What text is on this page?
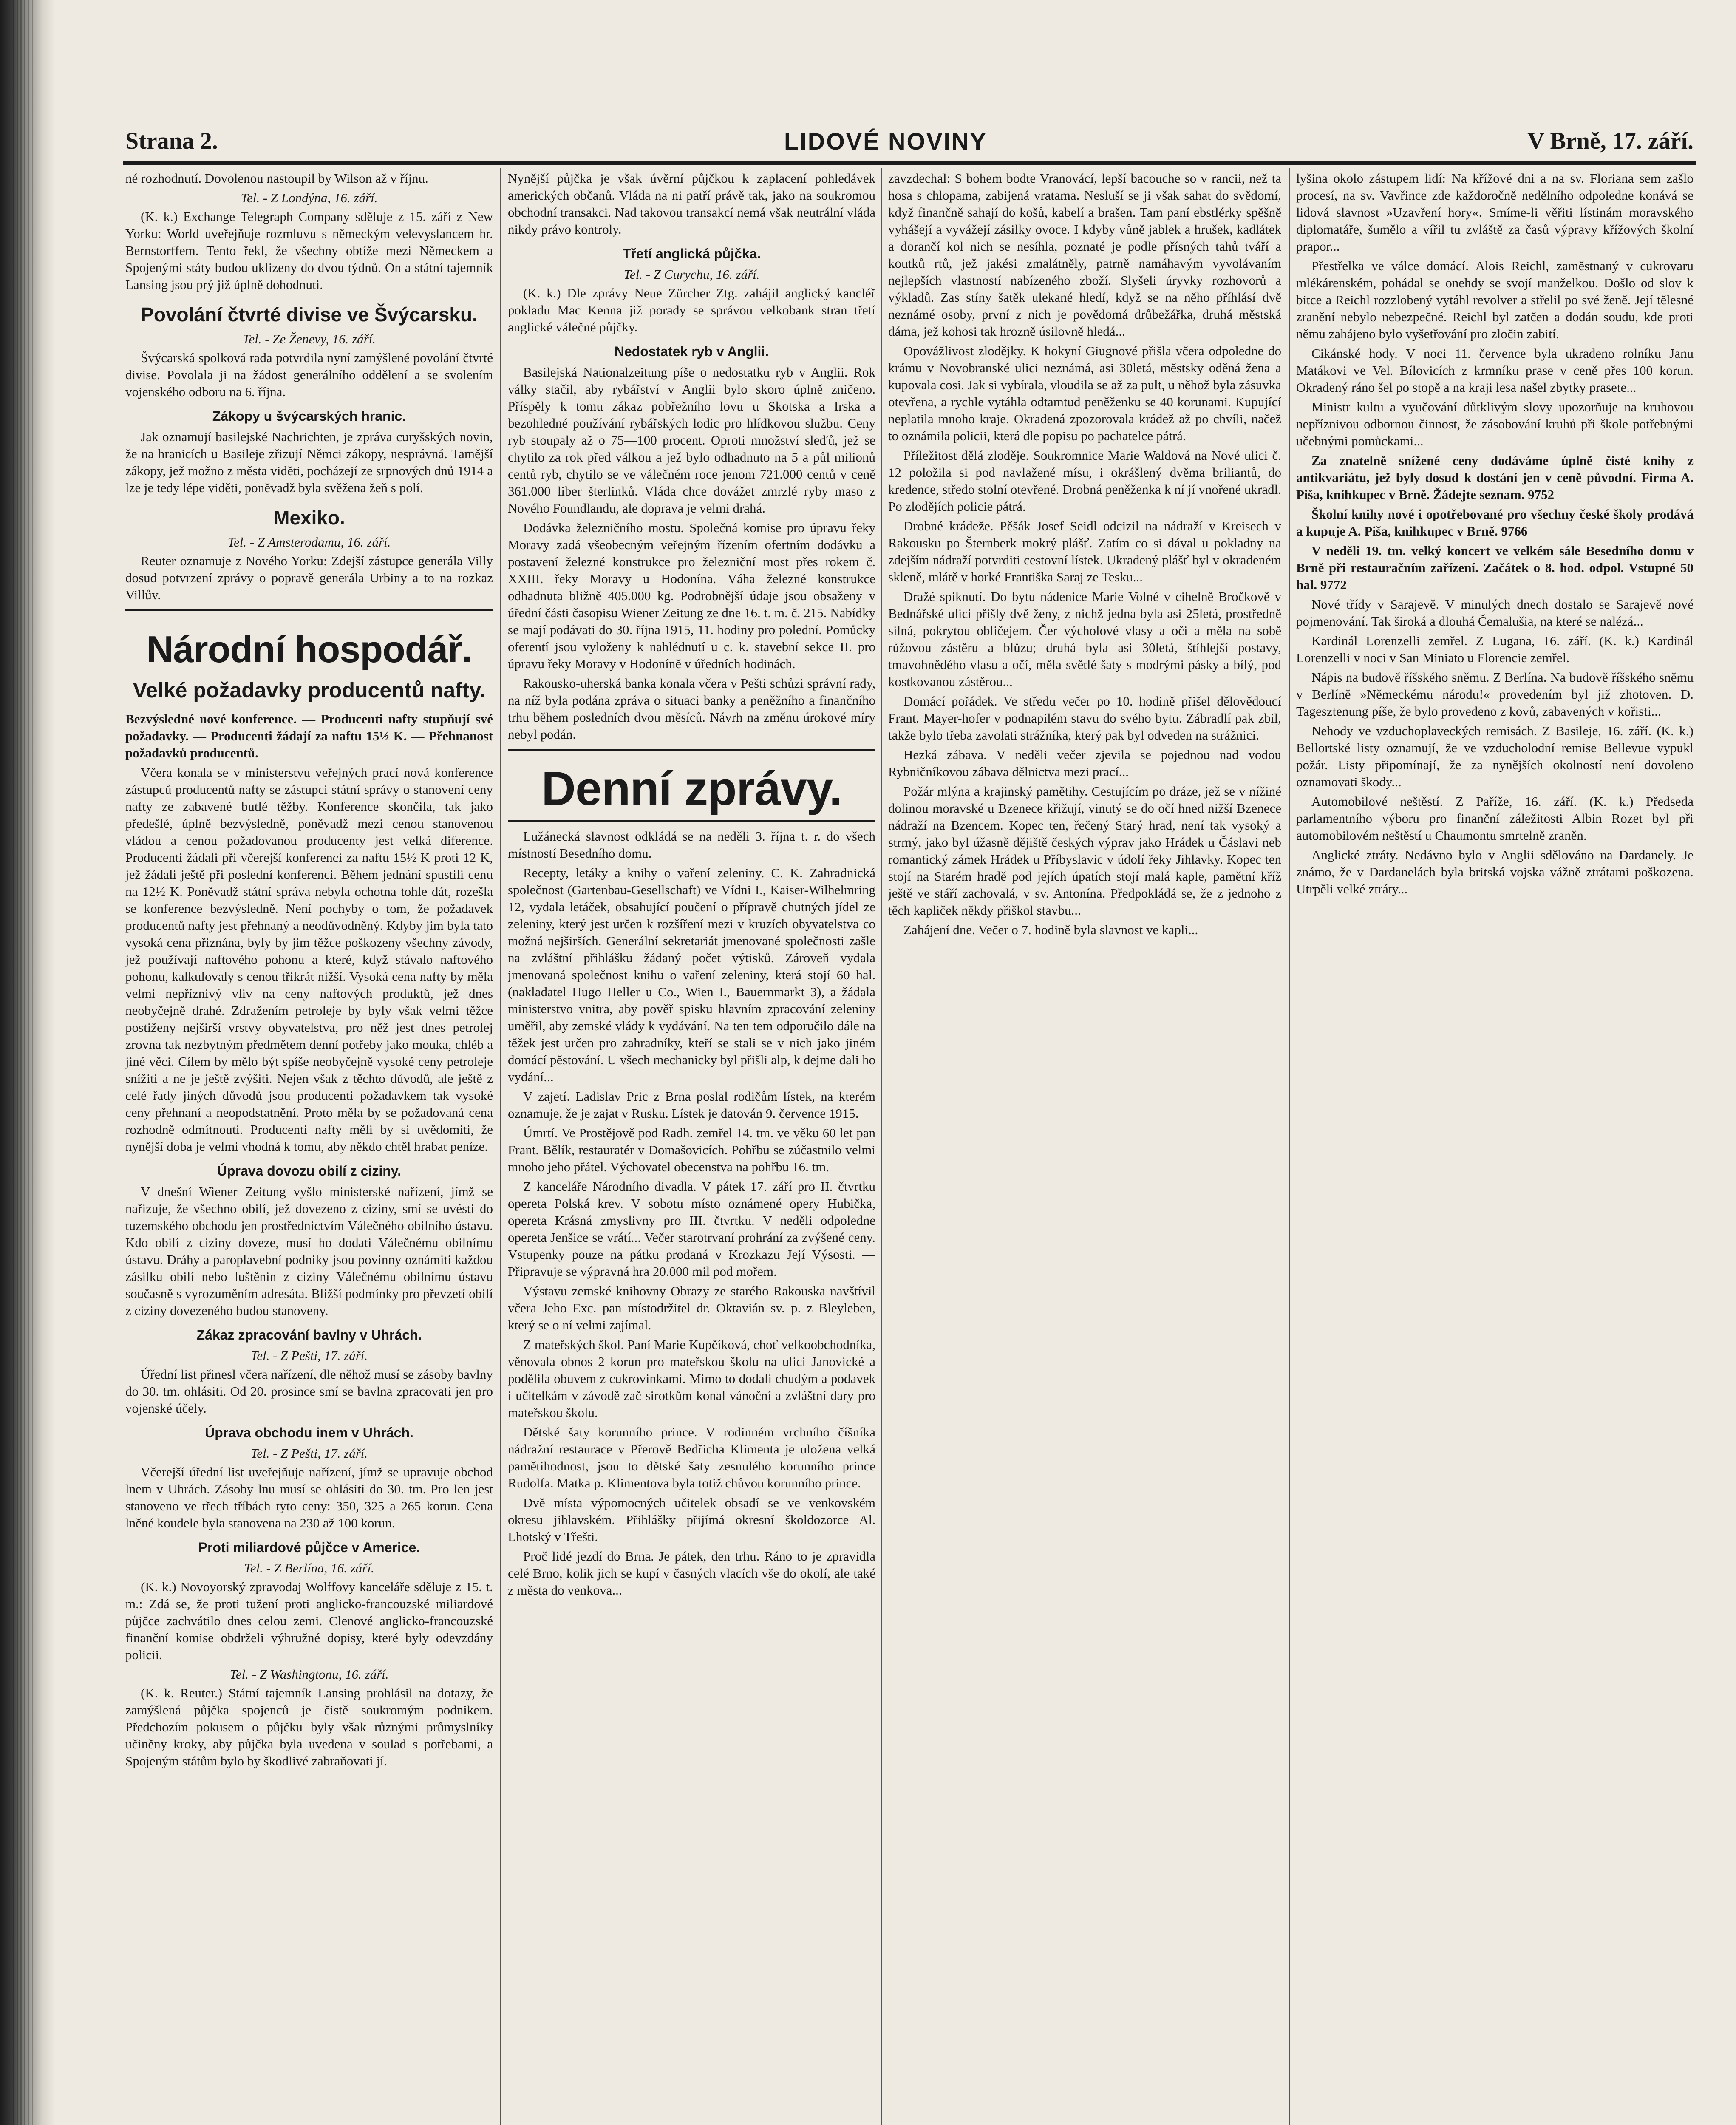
Strana 2.	LIDOVÉ NOVINY	V Brně, 17. září.

né rozhodnutí. Dovolenou nastoupil by Wilson až v říjnu.

Tel. - Z Londýna, 16. září.

(K. k.) Exchange Telegraph Company sděluje z 15. září z New Yorku: World uveřejňuje rozmluvu s německým velevyslancem hr. Bernstorffem. Tento řekl, že všechny obtíže mezi Německem a Spojenými státy budou uklizeny do dvou týdnů. On a státní tajemník Lansing jsou prý již úplně dohodnuti.

Povolání čtvrté divise ve Švýcarsku.

Tel. - Ze Ženevy, 16. září.

Švýcarská spolková rada potvrdila nyní zamýšlené povolání čtvrté divise. Povolala ji na žádost generálního oddělení a se svolením vojenského odboru na 6. října.

Zákopy u švýcarských hranic.

Jak oznamují basilejské Nachrichten, je zpráva curyšských novin, že na hranicích u Basileje zřizují Němci zákopy, nesprávná. Tamější zákopy, jež možno z města viděti, pocházejí ze srpnových dnů 1914 a lze je tedy lépe viděti, poněvadž byla svěžena žeň s polí.

Mexiko.

Tel. - Z Amsterodamu, 16. září.

Reuter oznamuje z Nového Yorku: Zdejší zástupce generála Villy dosud potvrzení zprávy o popravě generála Urbiny a to na rozkaz Villův.

Národní hospodář.
Velké požadavky producentů nafty.

Bezvýsledné nové konference. — Producenti nafty stupňují své požadavky. — Producenti žádají za naftu 15½ K. — Přehnanost požadavků producentů.

Včera konala se v ministerstvu veřejných prací nová konference zástupců producentů nafty se zástupci státní správy o stanovení ceny nafty ze zabavené butlé těžby. Konference skončila, tak jako předešlé, úplně bezvýsledně, poněvadž mezi cenou stanovenou vládou a cenou požadovanou producenty jest velká diference. Producenti žádali při včerejší konferenci za naftu 15½ K proti 12 K, jež žádali ještě při poslední konferenci. Během jednání spustili cenu na 12½ K. Poněvadž státní správa nebyla ochotna tohle dát, rozešla se konference bezvýsledně. Není pochyby o tom, že požadavek producentů nafty jest přehnaný a neodůvodněný. Kdyby jim byla tato vysoká cena přiznána, byly by jim těžce poškozeny všechny závody, jež používají naftového pohonu a které, když stávalo naftového pohonu, kalkulovaly s cenou třikrát nižší. Vysoká cena nafty by měla velmi nepříznivý vliv na ceny naftových produktů, jež dnes neobyčejně drahé. Zdražením petroleje by byly však velmi těžce postiženy nejširší vrstvy obyvatelstva, pro něž jest dnes petrolej zrovna tak nezbytným předmětem denní potřeby jako mouka, chléb a jiné věci. Cílem by mělo být spíše neobyčejně vysoké ceny petroleje snížiti a ne je ještě zvýšiti. Nejen však z těchto důvodů, ale ještě z celé řady jiných důvodů jsou producenti požadavkem tak vysoké ceny přehnaní a neopodstatnění. Proto měla by se požadovaná cena rozhodně odmítnouti. Producenti nafty měli by si uvědomiti, že nynější doba je velmi vhodná k tomu, aby někdo chtěl hrabat peníze.

Úprava dovozu obilí z ciziny.

V dnešní Wiener Zeitung vyšlo ministerské nařízení, jímž se nařizuje, že všechno obilí, jež dovezeno z ciziny, smí se uvésti do tuzemského obchodu jen prostřednictvím Válečného obilního ústavu. Kdo obilí z ciziny doveze, musí ho dodati Válečnému obilnímu ústavu. Dráhy a paroplavební podniky jsou povinny oznámiti každou zásilku obilí nebo luštěnin z ciziny Válečnému obilnímu ústavu současně s vyrozuměním adresáta. Bližší podmínky pro převzetí obilí z ciziny dovezeného budou stanoveny.

Zákaz zpracování bavlny v Uhrách.

Tel. - Z Pešti, 17. září.

Úřední list přinesl včera nařízení, dle něhož musí se zásoby bavlny do 30. tm. ohlásiti. Od 20. prosince smí se bavlna zpracovati jen pro vojenské účely.

Úprava obchodu inem v Uhrách.

Tel. - Z Pešti, 17. září.

Včerejší úřední list uveřejňuje nařízení, jímž se upravuje obchod lnem v Uhrách. Zásoby lnu musí se ohlásiti do 30. tm. Pro len jest stanoveno ve třech tříbách tyto ceny: 350, 325 a 265 korun. Cena lněné koudele byla stanovena na 230 až 100 korun.

Proti miliardové půjčce v Americe.

Tel. - Z Berlína, 16. září.

(K. k.) Novoyorský zpravodaj Wolffovy kanceláře sděluje z 15. t. m.: Zdá se, že proti tužení proti anglicko-francouzské miliardové půjčce zachvátilo dnes celou zemi. Clenové anglicko-francouzské finanční komise obdrželi výhružné dopisy, které byly odevzdány policii.

Tel. - Z Washingtonu, 16. září.

(K. k. Reuter.) Státní tajemník Lansing prohlásil na dotazy, že zamýšlená půjčka spojenců je čistě soukromým podnikem. Předchozím pokusem o půjčku byly však různými průmyslníky učiněny kroky, aby půjčka byla uvedena v soulad s potřebami, a Spojeným státům bylo by škodlivé zabraňovati jí.

Nynější půjčka je však úvěrní půjčkou k zaplacení pohledávek amerických občanů. Vláda na ni patří právě tak, jako na soukromou obchodní transakci. Nad takovou transakcí nemá však neutrální vláda nikdy právo kontroly.

Třetí anglická půjčka.

Tel. - Z Curychu, 16. září.

(K. k.) Dle zprávy Neue Zürcher Ztg. zahájil anglický kancléř pokladu Mac Kenna již porady se správou velkobank stran třetí anglické válečné půjčky.

Nedostatek ryb v Anglii.

Basilejská Nationalzeitung píše o nedostatku ryb v Anglii. Rok války stačil, aby rybářství v Anglii bylo skoro úplně zničeno. Příspěly k tomu zákaz pobřežního lovu u Skotska a Irska a bezohledné používání rybářských lodic pro hlídkovou službu. Ceny ryb stoupaly až o 75—100 procent. Oproti množství sleďů, jež se chytilo za rok před válkou a jež bylo odhadnuto na 5 a půl milionů centů ryb, chytilo se ve válečném roce jenom 721.000 centů v ceně 361.000 liber šterlinků. Vláda chce dovážet zmrzlé ryby maso z Nového Foundlandu, ale doprava je velmi drahá.

Dodávka železničního mostu. Společná komise pro úpravu řeky Moravy zadá všeobecným veřejným řízením ofertním dodávku a postavení železné konstrukce pro železniční most přes rokem č. XXIII. řeky Moravy u Hodonína. Váha železné konstrukce odhadnuta bližně 405.000 kg. Podrobnější údaje jsou obsaženy v úřední části časopisu Wiener Zeitung ze dne 16. t. m. č. 215. Nabídky se mají podávati do 30. října 1915, 11. hodiny pro polední. Pomůcky oferentí jsou vyloženy k nahlédnutí u c. k. stavební sekce II. pro úpravu řeky Moravy v Hodoníně v úředních hodinách.

Rakousko-uherská banka konala včera v Pešti schůzi správní rady, na níž byla podána zpráva o situaci banky a peněžního a finančního trhu během posledních dvou měsíců. Návrh na změnu úrokové míry nebyl podán.

Denní zprávy.

Lužánecká slavnost odkládá se na neděli 3. října t. r. do všech místností Besedního domu.

Recepty, letáky a knihy o vaření zeleniny. C. K. Zahradnická společnost (Gartenbau-Gesellschaft) ve Vídni I., Kaiser-Wilhelmring 12, vydala letáček, obsahující poučení o přípravě chutných jídel ze zeleniny, který jest určen k rozšíření mezi v kruzích obyvatelstva co možná nejširších. Generální sekretariát jmenované společnosti zašle na zvláštní přihlášku žádaný počet výtisků. Zároveň vydala jmenovaná společnost knihu o vaření zeleniny, která stojí 60 hal. (nakladatel Hugo Heller u Co., Wien I., Bauernmarkt 3), a žádala ministerstvo vnitra, aby pověř spisku hlavním zpracování zeleniny uměřil, aby zemské vlády k vydávání. Na ten tem odporučilo dále na těžek jest určen pro zahradníky, kteří se stali se v nich jako jiném domácí pěstování. U všech mechanicky byl přišli alp, k dejme dali ho vydání...

V zajetí. Ladislav Pric z Brna poslal rodičům lístek, na kterém oznamuje, že je zajat v Rusku. Lístek je datován 9. července 1915.

Úmrtí. Ve Prostějově pod Radh. zemřel 14. tm. ve věku 60 let pan Frant. Bělík, restauratér v Domašovicích. Pohřbu se zúčastnilo velmi mnoho jeho přátel. Výchovatel obecenstva na pohřbu 16. tm.

Z kanceláře Národního divadla. V pátek 17. září pro II. čtvrtku opereta Polská krev. V sobotu místo oznámené opery Hubička, opereta Krásná zmyslivny pro III. čtvrtku. V neděli odpoledne opereta Jenšice se vrátí... Večer starotrvaní prohrání za zvýšené ceny. Vstupenky pouze na pátku prodaná v Krozkazu Její Výsosti. — Připravuje se výpravná hra 20.000 mil pod mořem.

Výstavu zemské knihovny Obrazy ze starého Rakouska navštívil včera Jeho Exc. pan místodržitel dr. Oktavián sv. p. z Bleyleben, který se o ní velmi zajímal.

Z mateřských škol. Paní Marie Kupčíková, choť velkoobchodníka, věnovala obnos 2 korun pro mateřskou školu na ulici Janovické a podělila obuvem z cukrovinkami. Mimo to dodali chudým a podavek i učitelkám v závodě zač sirotkům konal vánoční a zvláštní dary pro mateřskou školu.

Dětské šaty korunního prince. V rodinném vrchního číšníka nádražní restaurace v Přerově Bedřicha Klimenta je uložena velká pamětihodnost, jsou to dětské šaty zesnulého korunního prince Rudolfa. Matka p. Klimentova byla totiž chůvou korunního prince.

Dvě místa výpomocných učitelek obsadí se ve venkovském okresu jihlavském. Přihlášky přijímá okresní školdozorce Al. Lhotský v Třešti.

Proč lidé jezdí do Brna. Je pátek, den trhu. Ráno to je zpravidla celé Brno, kolik jich se kupí v časných vlacích vše do okolí, ale také z města do venkova...

zavzdechal: S bohem bodte Vranovácí, lepší bacouche so v rancii, než ta hosa s chlopama, zabijená vratama. Nesluší se ji však sahat do svědomí, když finančně sahají do košů, kabelí a brašen. Tam paní ebstlérky spěšně vyhášejí a vyvážejí zásilky ovoce. I kdyby vůně jablek a hrušek, kadlátek a dorančí kol nich se nesíhla, poznaté je podle přísných tahů tváří a koutků rtů, jež jakési zmalátněly, patrně namáhavým vyvolávaním nejlepších vlastností nabízeného zboží. Slyšeli úryvky rozhovorů a výkladů. Zas stíny šatěk ulekané hledí, když se na něho příhlásí dvě neznámé osoby, první z nich je povědomá drůbežářka, druhá městská dáma, jež kohosi tak hrozně úsilovně hledá...

Opovážlivost zlodějky. K hokyní Giugnové přišla včera odpoledne do krámu v Novobranské ulici neznámá, asi 30letá, městsky oděná žena a kupovala cosi. Jak si vybírala, vloudila se až za pult, u něhož byla zásuvka otevřena, a rychle vytáhla odtamtud peněženku se 40 korunami. Kupující neplatila mnoho kraje. Okradená zpozorovala krádež až po chvíli, načež to oznámila policii, která dle popisu po pachatelce pátrá.

Příležitost dělá zloděje. Soukromnice Marie Waldová na Nové ulici č. 12 položila si pod navlažené mísu, i okrášlený dvěma briliantů, do kredence, středo stolní otevřené. Drobná peněženka k ní jí vnořené ukradl. Po zlodějích policie pátrá.

Drobné krádeže. Pěšák Josef Seidl odcizil na nádraží v Kreisech v Rakousku po Šternberk mokrý plášť. Zatím co si dával u pokladny na zdejším nádraží potvrditi cestovní lístek. Ukradený plášť byl v okradeném skleně, mlátě v horké Františka Saraj ze Tesku...

Dražé spiknutí. Do bytu nádenice Marie Volné v cihelně Bročkově v Bednářské ulici přišly dvě ženy, z nichž jedna byla asi 25letá, prostředně silná, pokrytou obličejem. Čer výcholové vlasy a oči a měla na sobě růžovou zástěru a blůzu; druhá byla asi 30letá, štíhlejší postavy, tmavohnědého vlasu a očí, měla světlé šaty s modrými pásky a bílý, pod kostkovanou zástěrou...

Domácí pořádek. Ve středu večer po 10. hodině přišel dělovědoucí Frant. Mayer-hofer v podnapilém stavu do svého bytu. Zábradlí pak zbil, takže bylo třeba zavolati strážníka, který pak byl odveden na strážnici.

Hezká zábava. V neděli večer zjevila se pojednou nad vodou Rybničníkovou zábava dělnictva mezi prací...

Požár mlýna a krajinský pamětihy. Cestujícím po dráze, jež se v nížiné dolinou moravské u Bzenece křižují, vinutý se do očí hned nižší Bzenece nádraží na Bzencem. Kopec ten, řečený Starý hrad, není tak vysoký a strmý, jako byl úžasně dějiště českých výprav jako Hrádek u Čáslavi neb romantický zámek Hrádek u Příbyslavic v údolí řeky Jihlavky. Kopec ten stojí na Starém hradě pod jejích úpatích stojí malá kaple, pamětní kříž ještě ve stáří zachovalá, v sv. Antonína. Předpokládá se, že z jednoho z těch kapliček někdy přiškol stavbu...

Zahájení dne. Večer o 7. hodině byla slavnost ve kapli...

lyšina okolo zástupem lidí: Na křížové dni a na sv. Floriana sem zašlo procesí, na sv. Vavřince zde každoročně nedělního odpoledne konává se lidová slavnost »Uzavření hory«. Smíme-li věřiti lístinám moravského diplomatáře, šumělo a vířil tu zvláště za časů výpravy křížových školní prapor...

Přestřelka ve válce domácí. Alois Reichl, zaměstnaný v cukrovaru mlékárenském, pohádal se onehdy se svojí manželkou. Došlo od slov k bitce a Reichl rozzlobený vytáhl revolver a střelil po své ženě. Její tělesné zranění nebylo nebezpečné. Reichl byl zatčen a dodán soudu, kde proti němu zahájeno bylo vyšetřování pro zločin zabití.

Cikánské hody. V noci 11. července byla ukradeno rolníku Janu Matákovi ve Vel. Bílovicích z krmníku prase v ceně přes 100 korun. Okradený ráno šel po stopě a na kraji lesa našel zbytky prasete...

Ministr kultu a vyučování důtklivým slovy upozorňuje na kruhovou nepříznivou odbornou činnost, že zásobování kruhů při škole potřebnými učebnými pomůckami...

Za znatelně snížené ceny dodáváme úplně čisté knihy z antikvariátu, jež byly dosud k dostání jen v ceně původní. Firma A. Piša, knihkupec v Brně. Žádejte seznam. 9752

Školní knihy nové i opotřebované pro všechny české školy prodává a kupuje A. Piša, knihkupec v Brně. 9766

V neděli 19. tm. velký koncert ve velkém sále Besedního domu v Brně při restauračním zařízení. Začátek o 8. hod. odpol. Vstupné 50 hal. 9772

Nové třídy v Sarajevě. V minulých dnech dostalo se Sarajevě nové pojmenování. Tak široká a dlouhá Čemalušia, na které se nalézá...

Kardinál Lorenzelli zemřel. Z Lugana, 16. září. (K. k.) Kardinál Lorenzelli v noci v San Miniato u Florencie zemřel.

Nápis na budově říšského sněmu. Z Berlína. Na budově říšského sněmu v Berlíně »Německému národu!« provedením byl již zhotoven. D. Tagesztenung píše, že bylo provedeno z kovů, zabavených v kořisti...

Nehody ve vzduchoplaveckých remisách. Z Basileje, 16. září. (K. k.) Bellortské listy oznamují, že ve vzducholodní remise Bellevue vypukl požár. Listy připomínají, že za nynějších okolností není dovoleno oznamovati škody...

Automobilové neštěstí. Z Paříže, 16. září. (K. k.) Předseda parlamentního výboru pro finanční záležitosti Albin Rozet byl při automobilovém neštěstí u Chaumontu smrtelně zraněn.

Anglické ztráty. Nedávno bylo v Anglii sdělováno na Dardanely. Je známo, že v Dardanelách byla britská vojska vážně ztrátami poškozena. Utrpěli velké ztráty...
